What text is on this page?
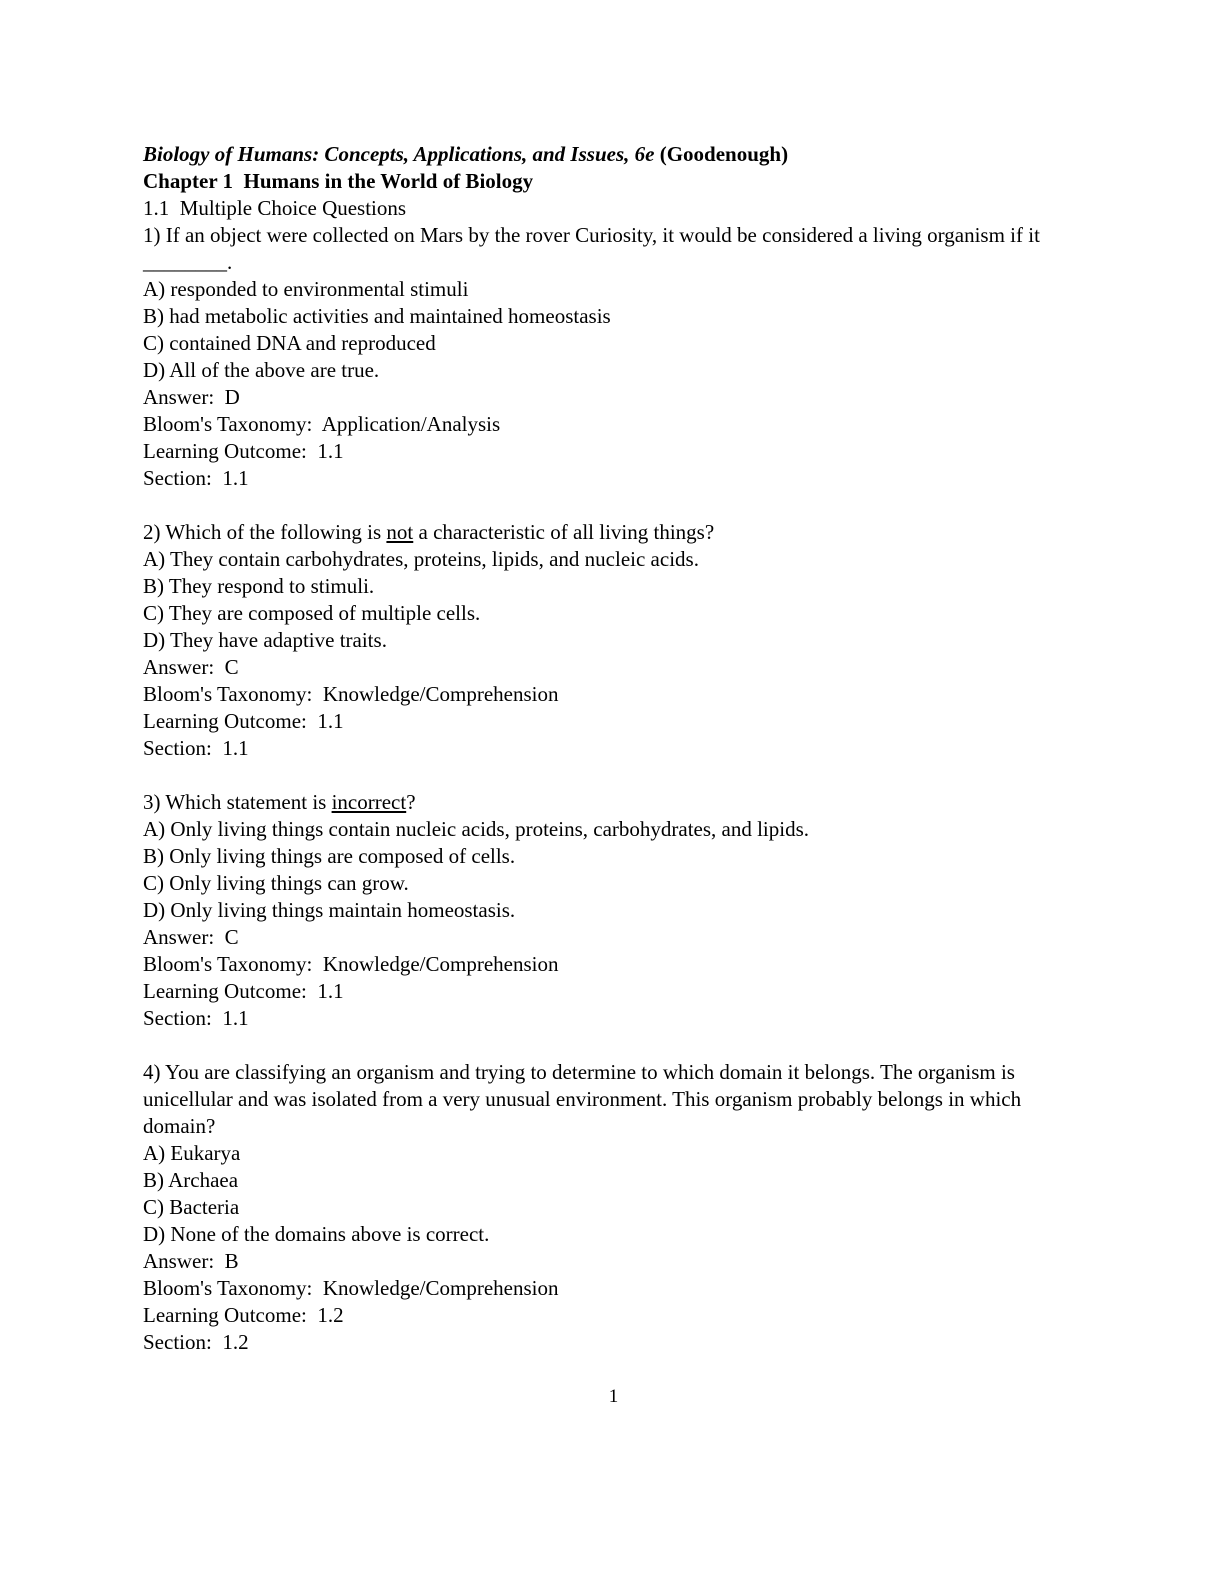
Biology of Humans: Concepts, Applications, and Issues, 6e (Goodenough)

Chapter 1  Humans in the World of Biology

1.1  Multiple Choice Questions

1) If an object were collected on Mars by the rover Curiosity, it would be considered a living organism if it ________.

A) responded to environmental stimuli

B) had metabolic activities and maintained homeostasis

C) contained DNA and reproduced

D) All of the above are true.

Answer:  D

Bloom's Taxonomy:  Application/Analysis

Learning Outcome:  1.1

Section:  1.1

2) Which of the following is not a characteristic of all living things?

A) They contain carbohydrates, proteins, lipids, and nucleic acids.

B) They respond to stimuli.

C) They are composed of multiple cells.

D) They have adaptive traits.

Answer:  C

Bloom's Taxonomy:  Knowledge/Comprehension

Learning Outcome:  1.1

Section:  1.1

3) Which statement is incorrect?

A) Only living things contain nucleic acids, proteins, carbohydrates, and lipids.

B) Only living things are composed of cells.

C) Only living things can grow.

D) Only living things maintain homeostasis.

Answer:  C

Bloom's Taxonomy:  Knowledge/Comprehension

Learning Outcome:  1.1

Section:  1.1

4) You are classifying an organism and trying to determine to which domain it belongs. The organism is unicellular and was isolated from a very unusual environment. This organism probably belongs in which domain?

A) Eukarya

B) Archaea

C) Bacteria

D) None of the domains above is correct.

Answer:  B

Bloom's Taxonomy:  Knowledge/Comprehension

Learning Outcome:  1.2

Section:  1.2

1
